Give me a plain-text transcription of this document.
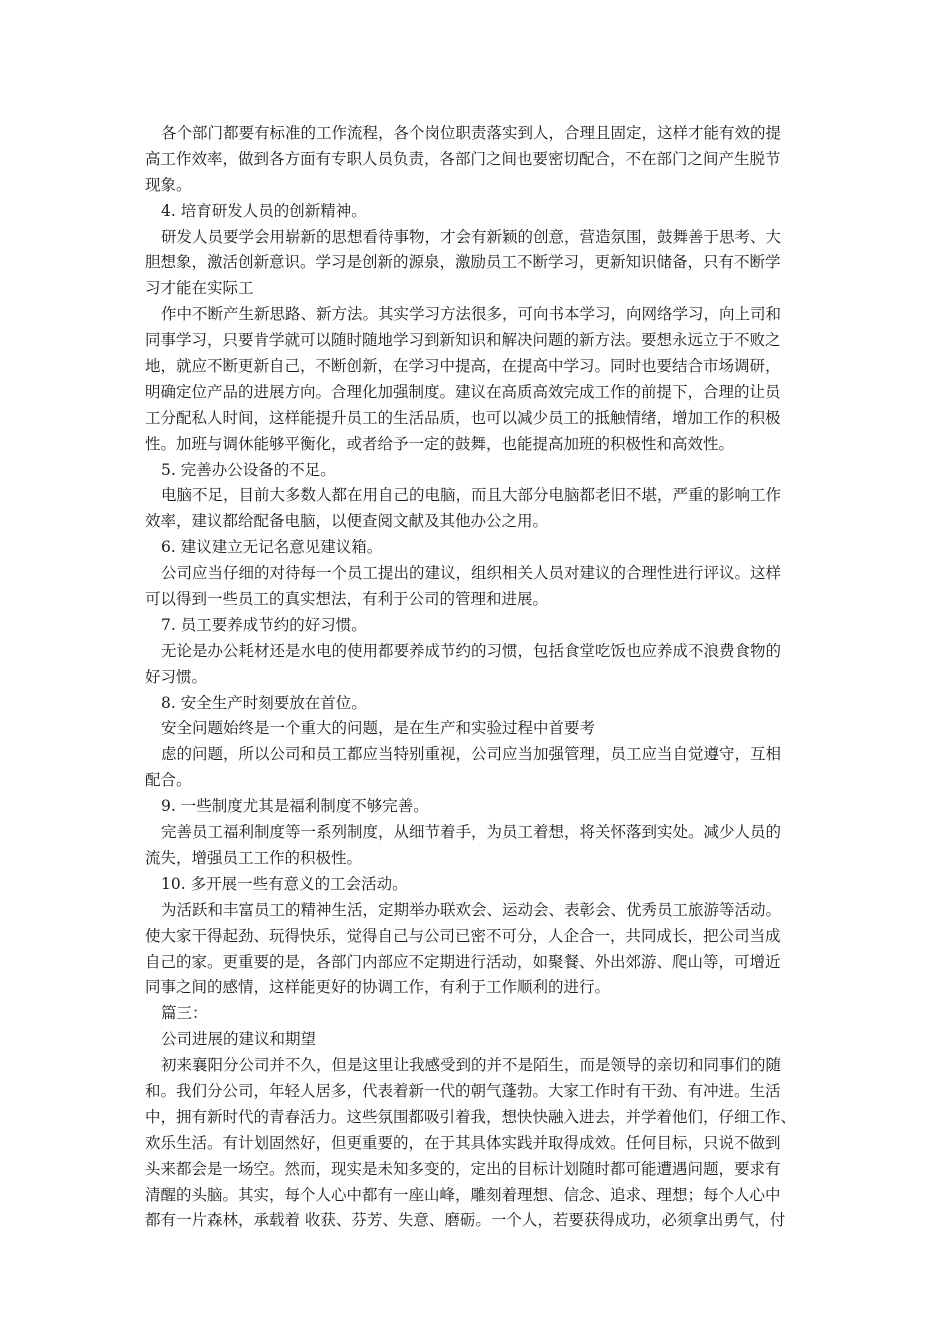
各个部门都要有标准的工作流程，各个岗位职责落实到人，合理且固定，这样才能有效的提
高工作效率，做到各方面有专职人员负责，各部门之间也要密切配合，不在部门之间产生脱节
现象。
4. 培育研发人员的创新精神。
研发人员要学会用崭新的思想看待事物，才会有新颖的创意，营造氛围，鼓舞善于思考、大
胆想象，激活创新意识。学习是创新的源泉，激励员工不断学习，更新知识储备，只有不断学
习才能在实际工
作中不断产生新思路、新方法。其实学习方法很多，可向书本学习，向网络学习，向上司和
同事学习，只要肯学就可以随时随地学习到新知识和解决问题的新方法。要想永远立于不败之
地，就应不断更新自己，不断创新，在学习中提高，在提高中学习。同时也要结合市场调研，
明确定位产品的进展方向。合理化加强制度。建议在高质高效完成工作的前提下，合理的让员
工分配私人时间，这样能提升员工的生活品质，也可以减少员工的抵触情绪，增加工作的积极
性。加班与调休能够平衡化，或者给予一定的鼓舞，也能提高加班的积极性和高效性。
5. 完善办公设备的不足。
电脑不足，目前大多数人都在用自己的电脑，而且大部分电脑都老旧不堪，严重的影响工作
效率，建议都给配备电脑，以便查阅文献及其他办公之用。
6. 建议建立无记名意见建议箱。
公司应当仔细的对待每一个员工提出的建议，组织相关人员对建议的合理性进行评议。这样
可以得到一些员工的真实想法，有利于公司的管理和进展。
7. 员工要养成节约的好习惯。
无论是办公耗材还是水电的使用都要养成节约的习惯，包括食堂吃饭也应养成不浪费食物的
好习惯。
8. 安全生产时刻要放在首位。
安全问题始终是一个重大的问题，是在生产和实验过程中首要考
虑的问题，所以公司和员工都应当特别重视，公司应当加强管理，员工应当自觉遵守，互相
配合。
9. 一些制度尤其是福利制度不够完善。
完善员工福利制度等一系列制度，从细节着手，为员工着想，将关怀落到实处。减少人员的
流失，增强员工工作的积极性。
10. 多开展一些有意义的工会活动。
为活跃和丰富员工的精神生活，定期举办联欢会、运动会、表彰会、优秀员工旅游等活动。
使大家干得起劲、玩得快乐，觉得自己与公司已密不可分，人企合一，共同成长，把公司当成
自己的家。更重要的是，各部门内部应不定期进行活动，如聚餐、外出郊游、爬山等，可增近
同事之间的感情，这样能更好的协调工作，有利于工作顺利的进行。
篇三：
公司进展的建议和期望
初来襄阳分公司并不久，但是这里让我感受到的并不是陌生，而是领导的亲切和同事们的随
和。我们分公司，年轻人居多，代表着新一代的朝气蓬勃。大家工作时有干劲、有冲进。生活
中，拥有新时代的青春活力。这些氛围都吸引着我，想快快融入进去，并学着他们，仔细工作、
欢乐生活。有计划固然好，但更重要的，在于其具体实践并取得成效。任何目标，只说不做到
头来都会是一场空。然而，现实是未知多变的，定出的目标计划随时都可能遭遇问题，要求有
清醒的头脑。其实，每个人心中都有一座山峰，雕刻着理想、信念、追求、理想；每个人心中
都有一片森林，承载着 收获、芬芳、失意、磨砺。一个人，若要获得成功，必须拿出勇气，付
